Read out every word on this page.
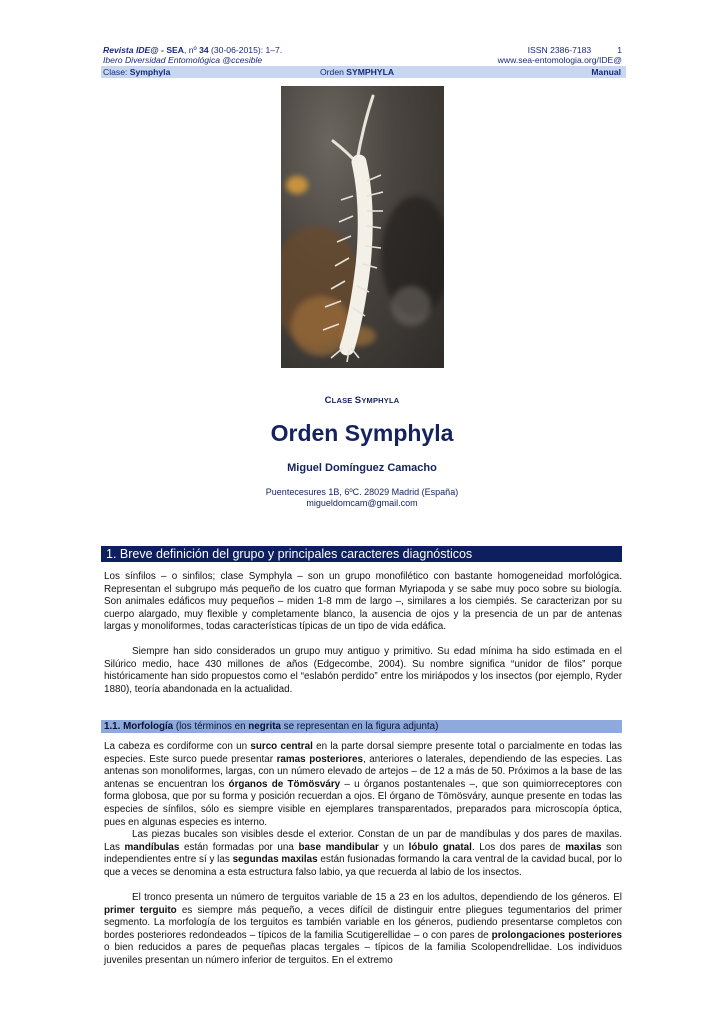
Revista IDE@ - SEA, nº 34 (30-06-2015): 1–7.	ISSN 2386-7183	1
Ibero Diversidad Entomológica @ccesible	www.sea-entomologia.org/IDE@
Clase: Symphyla	Orden SYMPHYLA	Manual
CLASE SYMPHYLA
Orden Symphyla
Miguel Domínguez Camacho
Puentecesures 1B, 6ºC. 28029 Madrid (España)
migueldomcam@gmail.com
1. Breve definición del grupo y principales caracteres diagnósticos
Los sínfilos – o sinfilos; clase Symphyla – son un grupo monofilético con bastante homogeneidad morfológica. Representan el subgrupo más pequeño de los cuatro que forman Myriapoda y se sabe muy poco sobre su biología. Son animales edáficos muy pequeños – miden 1-8 mm de largo –, similares a los ciempiés. Se caracterizan por su cuerpo alargado, muy flexible y completamente blanco, la ausencia de ojos y la presencia de un par de antenas largas y monoliformes, todas características típicas de un tipo de vida edáfica.
Siempre han sido considerados un grupo muy antiguo y primitivo. Su edad mínima ha sido estimada en el Silúrico medio, hace 430 millones de años (Edgecombe, 2004). Su nombre significa “unidor de filos” porque históricamente han sido propuestos como el “eslabón perdido” entre los miriápodos y los insectos (por ejemplo, Ryder 1880), teoría abandonada en la actualidad.
1.1. Morfología (los términos en negrita se representan en la figura adjunta)
La cabeza es cordiforme con un surco central en la parte dorsal siempre presente total o parcialmente en todas las especies. Este surco puede presentar ramas posteriores, anteriores o laterales, dependiendo de las especies. Las antenas son monoliformes, largas, con un número elevado de artejos – de 12 a más de 50. Próximos a la base de las antenas se encuentran los órganos de Tömösváry – u órganos postantenales –, que son quimiorreceptores con forma globosa, que por su forma y posición recuerdan a ojos. El órgano de Tömösváry, aunque presente en todas las especies de sínfilos, sólo es siempre visible en ejemplares transparentados, preparados para microscopía óptica, pues en algunas especies es interno.
Las piezas bucales son visibles desde el exterior. Constan de un par de mandíbulas y dos pares de maxilas. Las mandíbulas están formadas por una base mandibular y un lóbulo gnatal. Los dos pares de maxilas son independientes entre sí y las segundas maxilas están fusionadas formando la cara ventral de la cavidad bucal, por lo que a veces se denomina a esta estructura falso labio, ya que recuerda al labio de los insectos.
El tronco presenta un número de terguitos variable de 15 a 23 en los adultos, dependiendo de los géneros. El primer terguito es siempre más pequeño, a veces difícil de distinguir entre pliegues tegumentarios del primer segmento. La morfología de los terguitos es también variable en los géneros, pudiendo presentarse completos con bordes posteriores redondeados – típicos de la familia Scutigerellidae – o con pares de prolongaciones posteriores o bien reducidos a pares de pequeñas placas tergales – típicos de la familia Scolopendrellidae. Los individuos juveniles presentan un número inferior de terguitos. En el extremo
